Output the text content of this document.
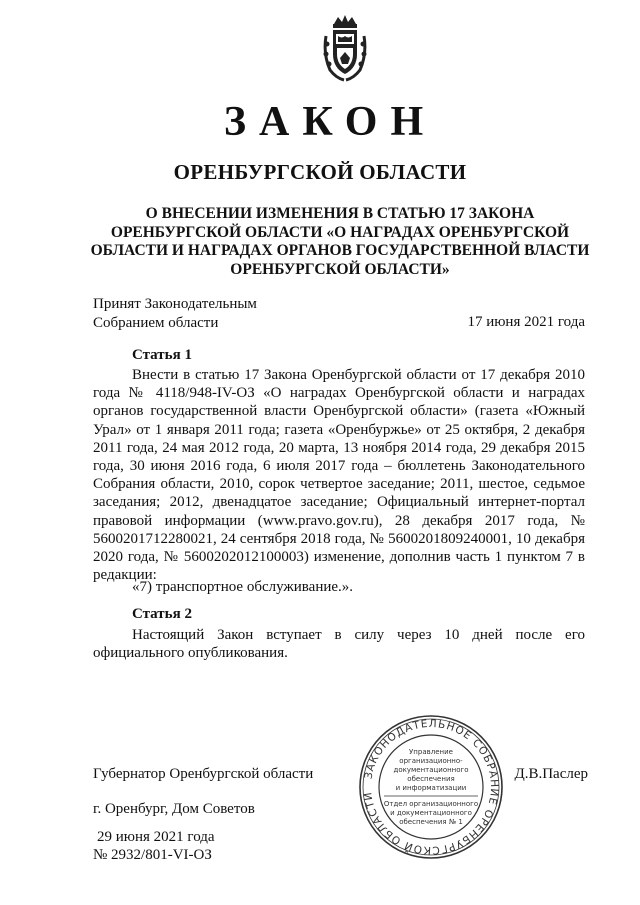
ЗАКОН
ОРЕНБУРГСКОЙ ОБЛАСТИ
О ВНЕСЕНИИ ИЗМЕНЕНИЯ В СТАТЬЮ 17 ЗАКОНА
ОРЕНБУРГСКОЙ ОБЛАСТИ «О НАГРАДАХ ОРЕНБУРГСКОЙ
ОБЛАСТИ И НАГРАДАХ ОРГАНОВ ГОСУДАРСТВЕННОЙ ВЛАСТИ
ОРЕНБУРГСКОЙ ОБЛАСТИ»
Принят Законодательным
Собранием области	17 июня 2021 года
Статья 1
Внести в статью 17 Закона Оренбургской области от 17 декабря 2010 года № 4118/948-IV-ОЗ «О наградах Оренбургской области и наградах органов государственной власти Оренбургской области» (газета «Южный Урал» от 1 января 2011 года; газета «Оренбуржье» от 25 октября, 2 декабря 2011 года, 24 мая 2012 года, 20 марта, 13 ноября 2014 года, 29 декабря 2015 года, 30 июня 2016 года, 6 июля 2017 года – бюллетень Законодательного Собрания области, 2010, сорок четвертое заседание; 2011, шестое, седьмое заседания; 2012, двенадцатое заседание; Официальный интернет-портал правовой информации (www.pravo.gov.ru), 28 декабря 2017 года, № 5600201712280021, 24 сентября 2018 года, № 5600201809240001, 10 декабря 2020 года, № 5600202012100003) изменение, дополнив часть 1 пунктом 7 в редакции:
«7) транспортное обслуживание.».
Статья 2
Настоящий Закон вступает в силу через 10 дней после его официального опубликования.
ЗАКОНОДАТЕЛЬНОЕ СОБРАНИЕ ОРЕНБУРГСКОЙ ОБЛАСТИ
Управление
организационно-
документационного
обеспечения
и информатизации
Отдел организационного
и документационного
обеспечения № 1
Губернатор Оренбургской области	Д.В.Паслер
г. Оренбург, Дом Советов
29 июня 2021 года
№ 2932/801-VI-ОЗ
